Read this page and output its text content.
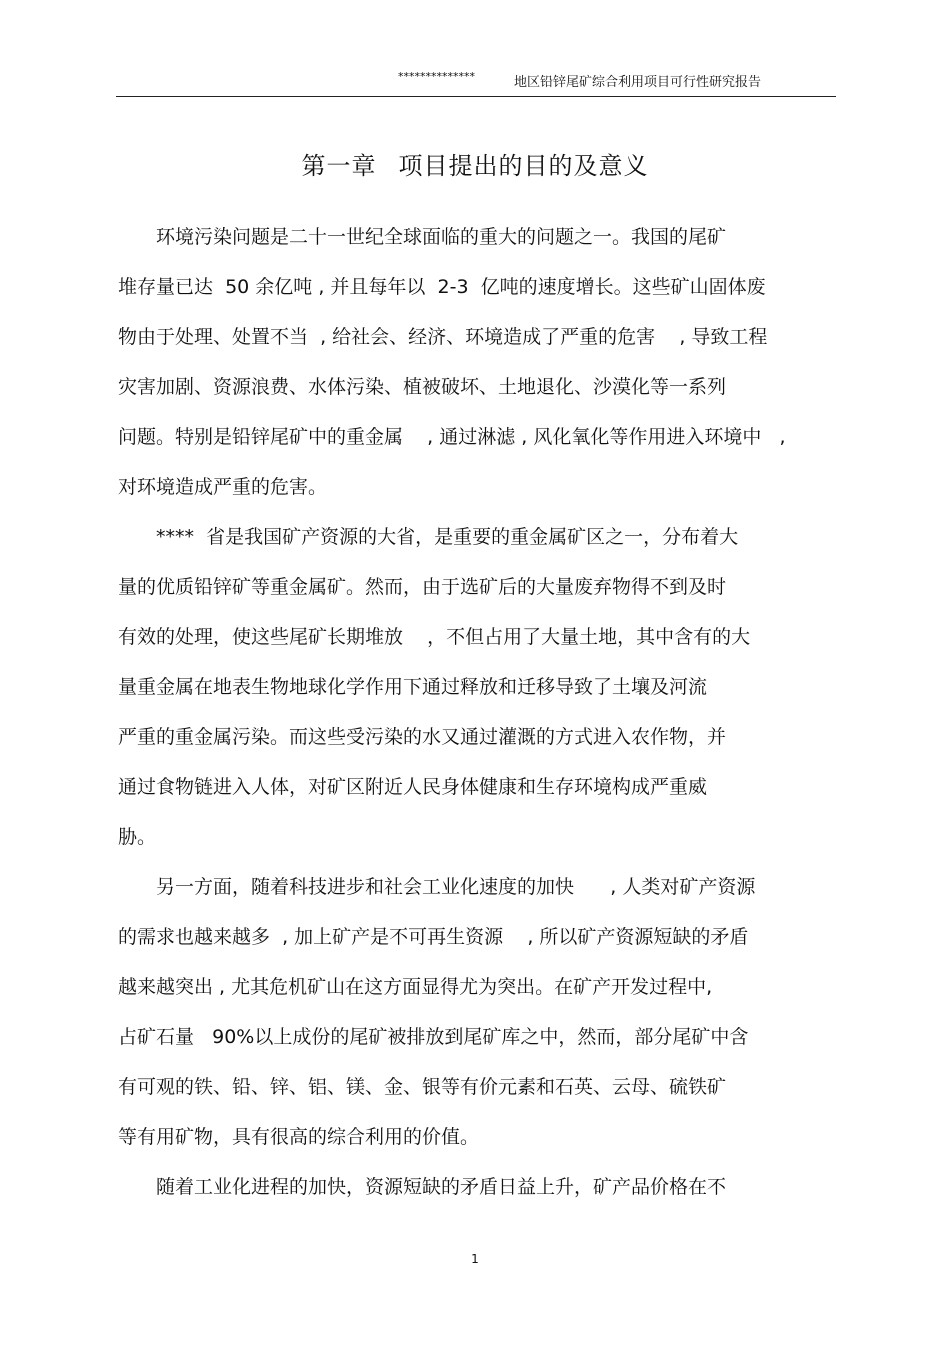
**************	地区铅锌尾矿综合利用项目可行性研究报告
第一章 项目提出的目的及意义
　　环境污染问题是二十一世纪全球面临的重大的问题之一。我国的尾矿
堆存量已达  50 余亿吨 , 并且每年以  2-3  亿吨的速度增长。这些矿山固体废
物由于处理、处置不当  , 给社会、经济、环境造成了严重的危害    , 导致工程
灾害加剧、资源浪费、水体污染、植被破坏、土地退化、沙漠化等一系列
问题。特别是铅锌尾矿中的重金属    , 通过淋滤 , 风化氧化等作用进入环境中   ,
对环境造成严重的危害。
　　****  省是我国矿产资源的大省，是重要的重金属矿区之一，分布着大
量的优质铅锌矿等重金属矿。然而，由于选矿后的大量废弃物得不到及时
有效的处理，使这些尾矿长期堆放    ，不但占用了大量土地，其中含有的大
量重金属在地表生物地球化学作用下通过释放和迁移导致了土壤及河流
严重的重金属污染。而这些受污染的水又通过灌溉的方式进入农作物，并
通过食物链进入人体，对矿区附近人民身体健康和生存环境构成严重威
胁。
　　另一方面，随着科技进步和社会工业化速度的加快      , 人类对矿产资源
的需求也越来越多  , 加上矿产是不可再生资源    , 所以矿产资源短缺的矛盾
越来越突出 , 尤其危机矿山在这方面显得尤为突出。在矿产开发过程中,
占矿石量   90%以上成份的尾矿被排放到尾矿库之中，然而，部分尾矿中含
有可观的铁、铅、锌、铝、镁、金、银等有价元素和石英、云母、硫铁矿
等有用矿物，具有很高的综合利用的价值。
　　随着工业化进程的加快，资源短缺的矛盾日益上升，矿产品价格在不
1
